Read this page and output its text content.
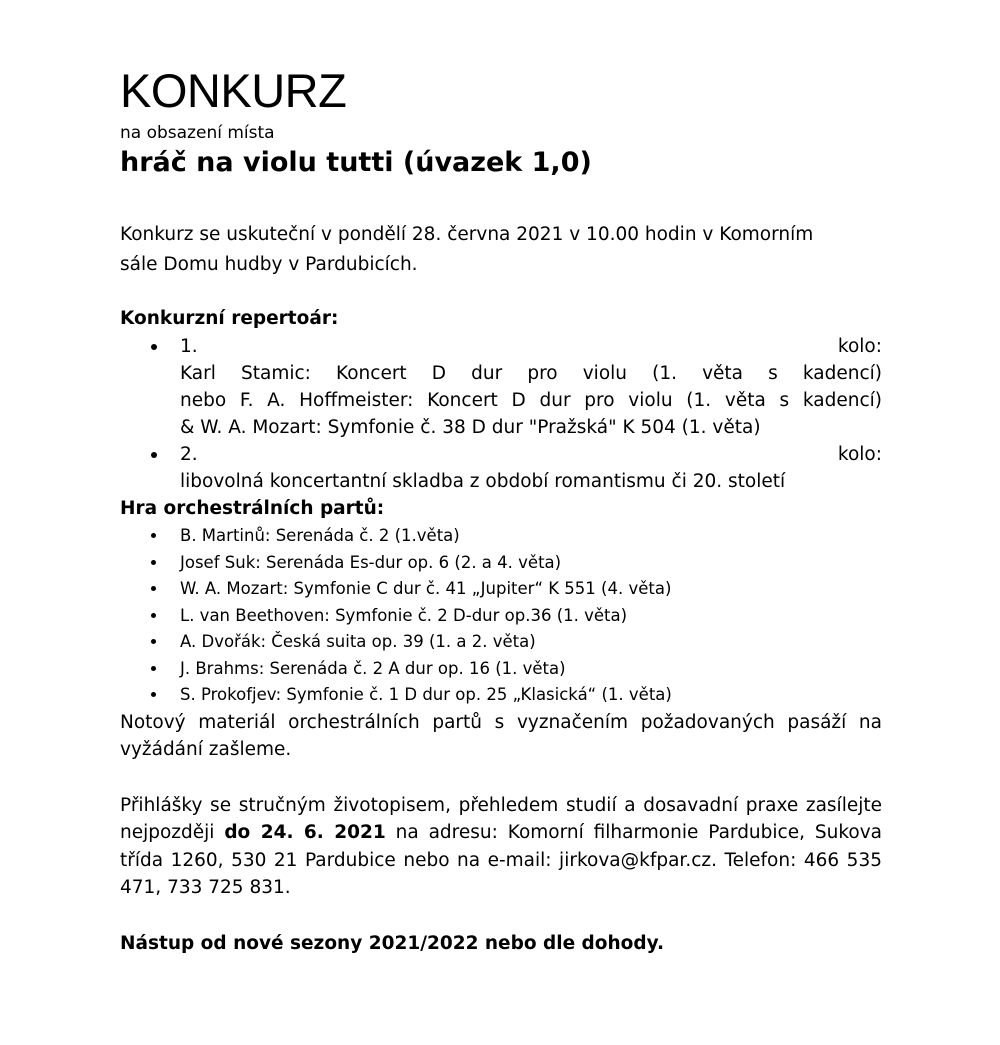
KONKURZ

na obsazení místa

hráč na violu tutti (úvazek 1,0)

Konkurz se uskuteční v pondělí 28. června 2021 v 10.00 hodin v Komorním
sále Domu hudby v Pardubicích.

Konkurzní repertoár:

1.	kolo:
Karl Stamic: Koncert D dur pro violu (1. věta s kadencí)
nebo F. A. Hoffmeister: Koncert D dur pro violu (1. věta s kadencí)
& W. A. Mozart: Symfonie č. 38 D dur "Pražská" K 504 (1. věta)
2.	kolo:
libovolná koncertantní skladba z období romantismu či 20. století

Hra orchestrálních partů:

B. Martinů: Serenáda č. 2 (1.věta)
Josef Suk: Serenáda Es-dur op. 6 (2. a 4. věta)
W. A. Mozart: Symfonie C dur č. 41 „Jupiter“ K 551 (4. věta)
L. van Beethoven: Symfonie č. 2 D-dur op.36 (1. věta)
A. Dvořák: Česká suita op. 39 (1. a 2. věta)
J. Brahms: Serenáda č. 2 A dur op. 16 (1. věta)
S. Prokofjev: Symfonie č. 1 D dur op. 25 „Klasická“ (1. věta)

Notový materiál orchestrálních partů s vyznačením požadovaných pasáží na vyžádání zašleme.

Přihlášky se stručným životopisem, přehledem studií a dosavadní praxe zasílejte nejpozději do 24. 6. 2021 na adresu: Komorní filharmonie Pardubice, Sukova třída 1260, 530 21 Pardubice nebo na e-mail: jirkova@kfpar.cz. Telefon: 466 535 471, 733 725 831.

Nástup od nové sezony 2021/2022 nebo dle dohody.
